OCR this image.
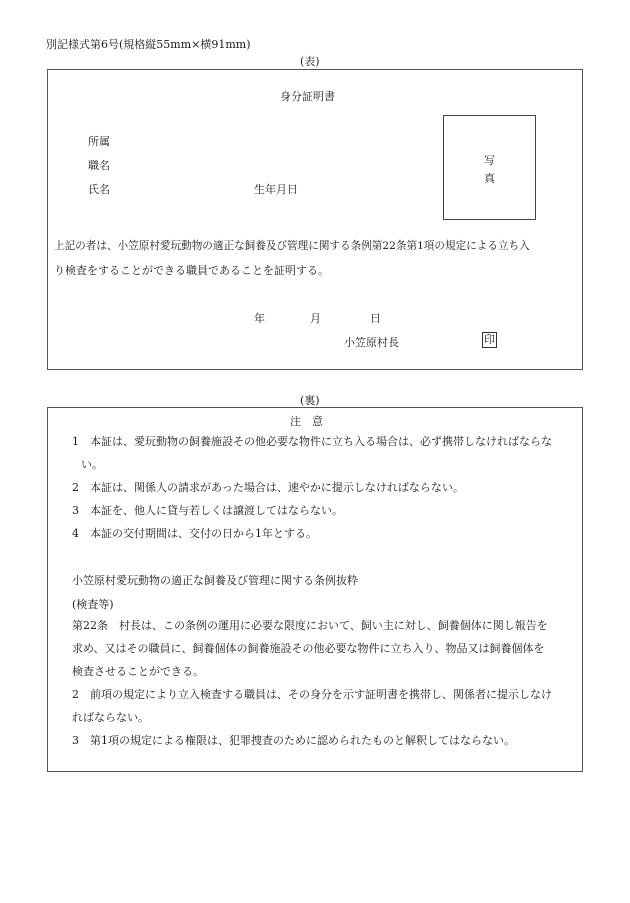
別記様式第6号(規格縦55mm×横91mm)
(表)
身分証明書
所属
職名
氏名	生年月日
写
真
上記の者は、小笠原村愛玩動物の適正な飼養及び管理に関する条例第22条第1項の規定による立ち入
り検査をすることができる職員であることを証明する。
年	月	日
小笠原村長	印
(裏)
注　意
1　本証は、愛玩動物の飼養施設その他必要な物件に立ち入る場合は、必ず携帯しなければならな
い。
2　本証は、関係人の請求があった場合は、速やかに提示しなければならない。
3　本証を、他人に貸与若しくは譲渡してはならない。
4　本証の交付期間は、交付の日から1年とする。
小笠原村愛玩動物の適正な飼養及び管理に関する条例抜粋
(検査等)
第22条　村長は、この条例の運用に必要な限度において、飼い主に対し、飼養個体に関し報告を
求め、又はその職員に、飼養個体の飼養施設その他必要な物件に立ち入り、物品又は飼養個体を
検査させることができる。
2　前項の規定により立入検査する職員は、その身分を示す証明書を携帯し、関係者に提示しなけ
ればならない。
3　第1項の規定による権限は、犯罪捜査のために認められたものと解釈してはならない。
